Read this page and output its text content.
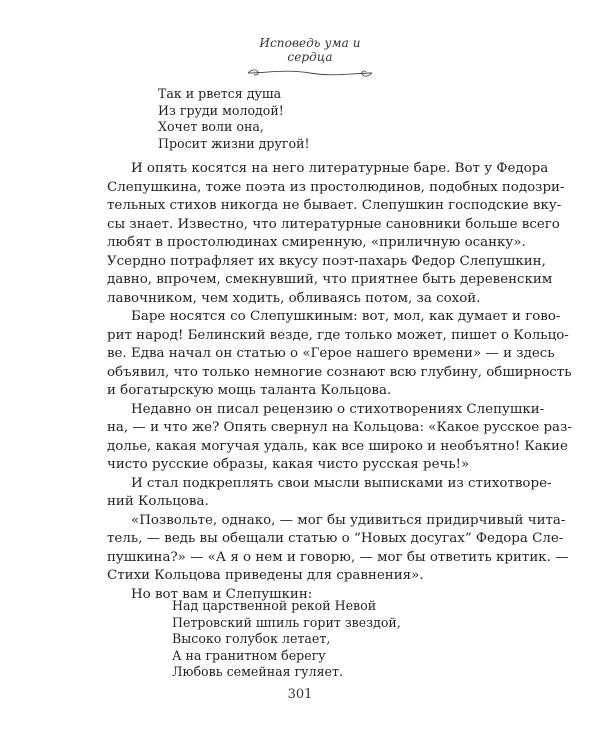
Исповедь ума и сердца
Так и рвется душа
Из груди молодой!
Хочет воли она,
Просит жизни другой!
И опять косятся на него литературные баре. Вот у Федора
Слепушкина, тоже поэта из простолюдинов, подобных подозри-
тельных стихов никогда не бывает. Слепушкин господские вку-
сы знает. Известно, что литературные сановники больше всего
любят в простолюдинах смиренную, «приличную осанку».
Усердно потрафляет их вкусу поэт-пахарь Федор Слепушкин,
давно, впрочем, смекнувший, что приятнее быть деревенским
лавочником, чем ходить, обливаясь потом, за сохой.
Баре носятся со Слепушкиным: вот, мол, как думает и гово-
рит народ! Белинский везде, где только может, пишет о Кольцо-
ве. Едва начал он статью о «Герое нашего времени» — и здесь
объявил, что только немногие сознают всю глубину, обширность
и богатырскую мощь таланта Кольцова.
Недавно он писал рецензию о стихотворениях Слепушки-
на, — и что же? Опять свернул на Кольцова: «Какое русское раз-
долье, какая могучая удаль, как все широко и необъятно! Какие
чисто русские образы, какая чисто русская речь!»
И стал подкреплять свои мысли выписками из стихотворе-
ний Кольцова.
«Позвольте, однако, — мог бы удивиться придирчивый чита-
тель, — ведь вы обещали статью о “Новых досугах” Федора Сле-
пушкина?» — «А я о нем и говорю, — мог бы ответить критик. —
Стихи Кольцова приведены для сравнения».
Но вот вам и Слепушкин:
Над царственной рекой Невой
Петровский шпиль горит звездой,
Высоко голубок летает,
А на гранитном берегу
Любовь семейная гуляет.
301
